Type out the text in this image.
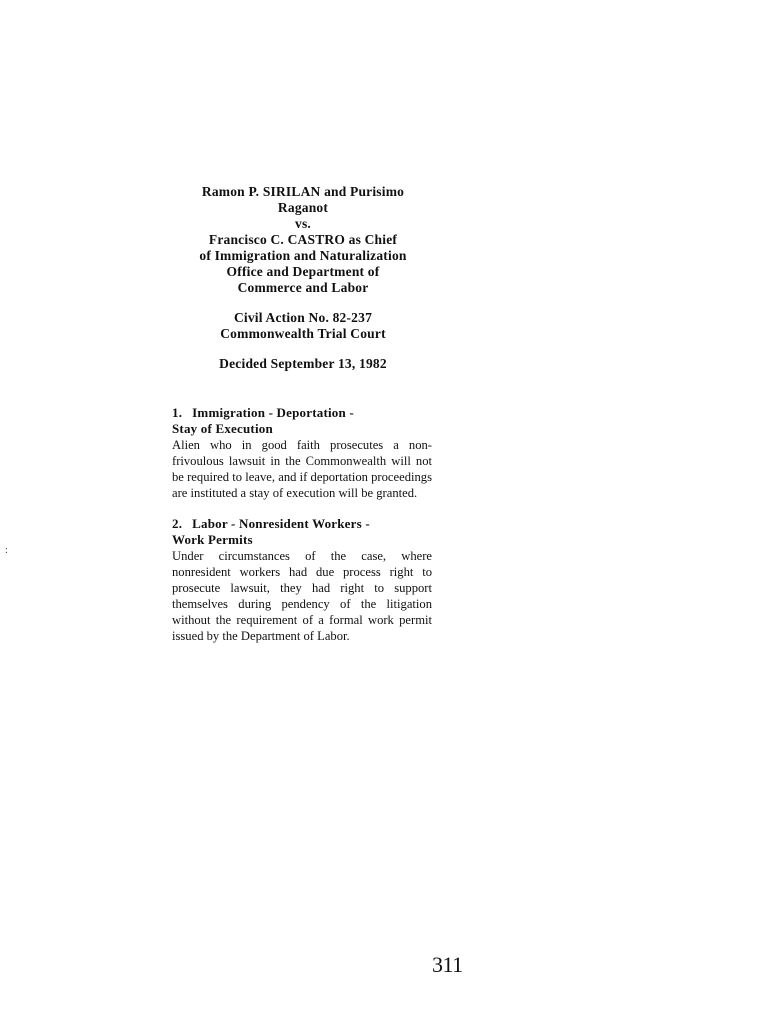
:
Ramon P. SIRILAN and Purisimo
Raganot
vs.
Francisco C. CASTRO as Chief
of Immigration and Naturalization
Office and Department of
Commerce and Labor
Civil Action No. 82-237
Commonwealth Trial Court
Decided September 13, 1982
1. Immigration - Deportation -
Stay of Execution
Alien who in good faith prosecutes a non-frivoulous lawsuit in the Commonwealth will not be required to leave, and if deportation proceedings are instituted a stay of execution will be granted.
2. Labor - Nonresident Workers -
Work Permits
Under circumstances of the case, where nonresident workers had due process right to prosecute lawsuit, they had right to support themselves during pendency of the litigation without the requirement of a formal work permit issued by the Department of Labor.
311
